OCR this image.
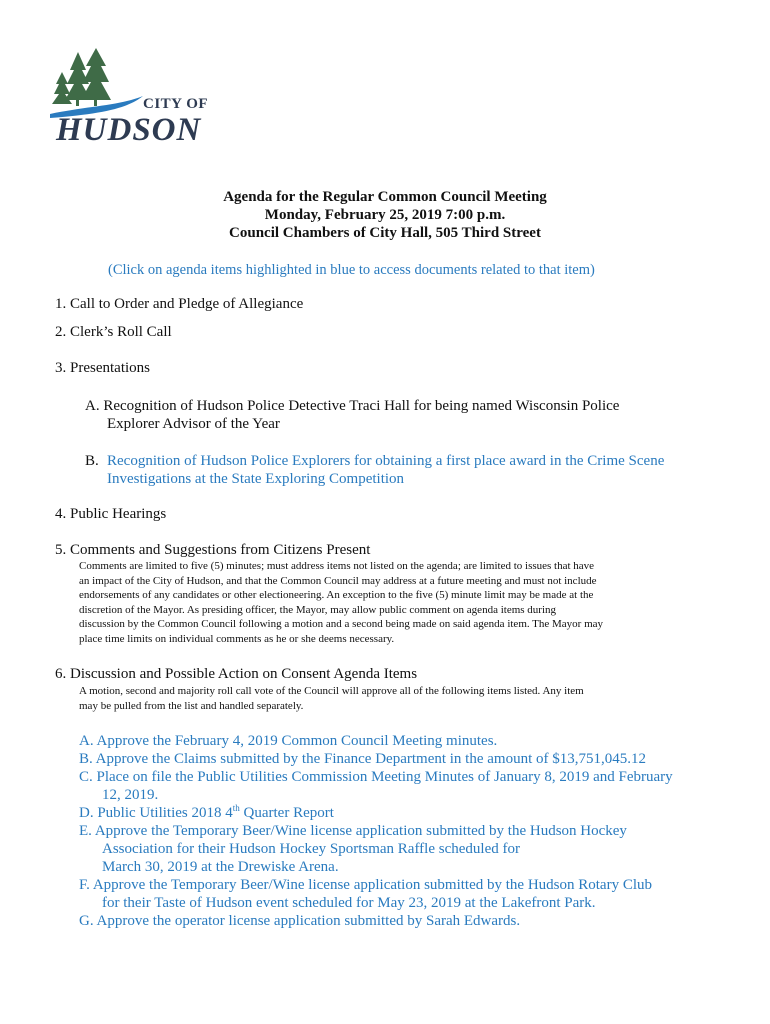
CITY OF
HUDSON
Agenda for the Regular Common Council Meeting
Monday, February 25, 2019 7:00 p.m.
Council Chambers of City Hall, 505 Third Street
(Click on agenda items highlighted in blue to access documents related to that item)
1. Call to Order and Pledge of Allegiance
2. Clerk’s Roll Call
3. Presentations
A. Recognition of Hudson Police Detective Traci Hall for being named Wisconsin Police
Explorer Advisor of the Year
B. Recognition of Hudson Police Explorers for obtaining a first place award in the Crime Scene
Investigations at the State Exploring Competition
4. Public Hearings
5. Comments and Suggestions from Citizens Present
Comments are limited to five (5) minutes; must address items not listed on the agenda; are limited to issues that have
an impact of the City of Hudson, and that the Common Council may address at a future meeting and must not include
endorsements of any candidates or other electioneering. An exception to the five (5) minute limit may be made at the
discretion of the Mayor. As presiding officer, the Mayor, may allow public comment on agenda items during
discussion by the Common Council following a motion and a second being made on said agenda item. The Mayor may
place time limits on individual comments as he or she deems necessary.
6. Discussion and Possible Action on Consent Agenda Items
A motion, second and majority roll call vote of the Council will approve all of the following items listed. Any item
may be pulled from the list and handled separately.
A. Approve the February 4, 2019 Common Council Meeting minutes.
B. Approve the Claims submitted by the Finance Department in the amount of $13,751,045.12
C. Place on file the Public Utilities Commission Meeting Minutes of January 8, 2019 and February
12, 2019.
D. Public Utilities 2018 4th Quarter Report
E. Approve the Temporary Beer/Wine license application submitted by the Hudson Hockey
Association for their Hudson Hockey Sportsman Raffle scheduled for
March 30, 2019 at the Drewiske Arena.
F. Approve the Temporary Beer/Wine license application submitted by the Hudson Rotary Club
for their Taste of Hudson event scheduled for May 23, 2019 at the Lakefront Park.
G. Approve the operator license application submitted by Sarah Edwards.
